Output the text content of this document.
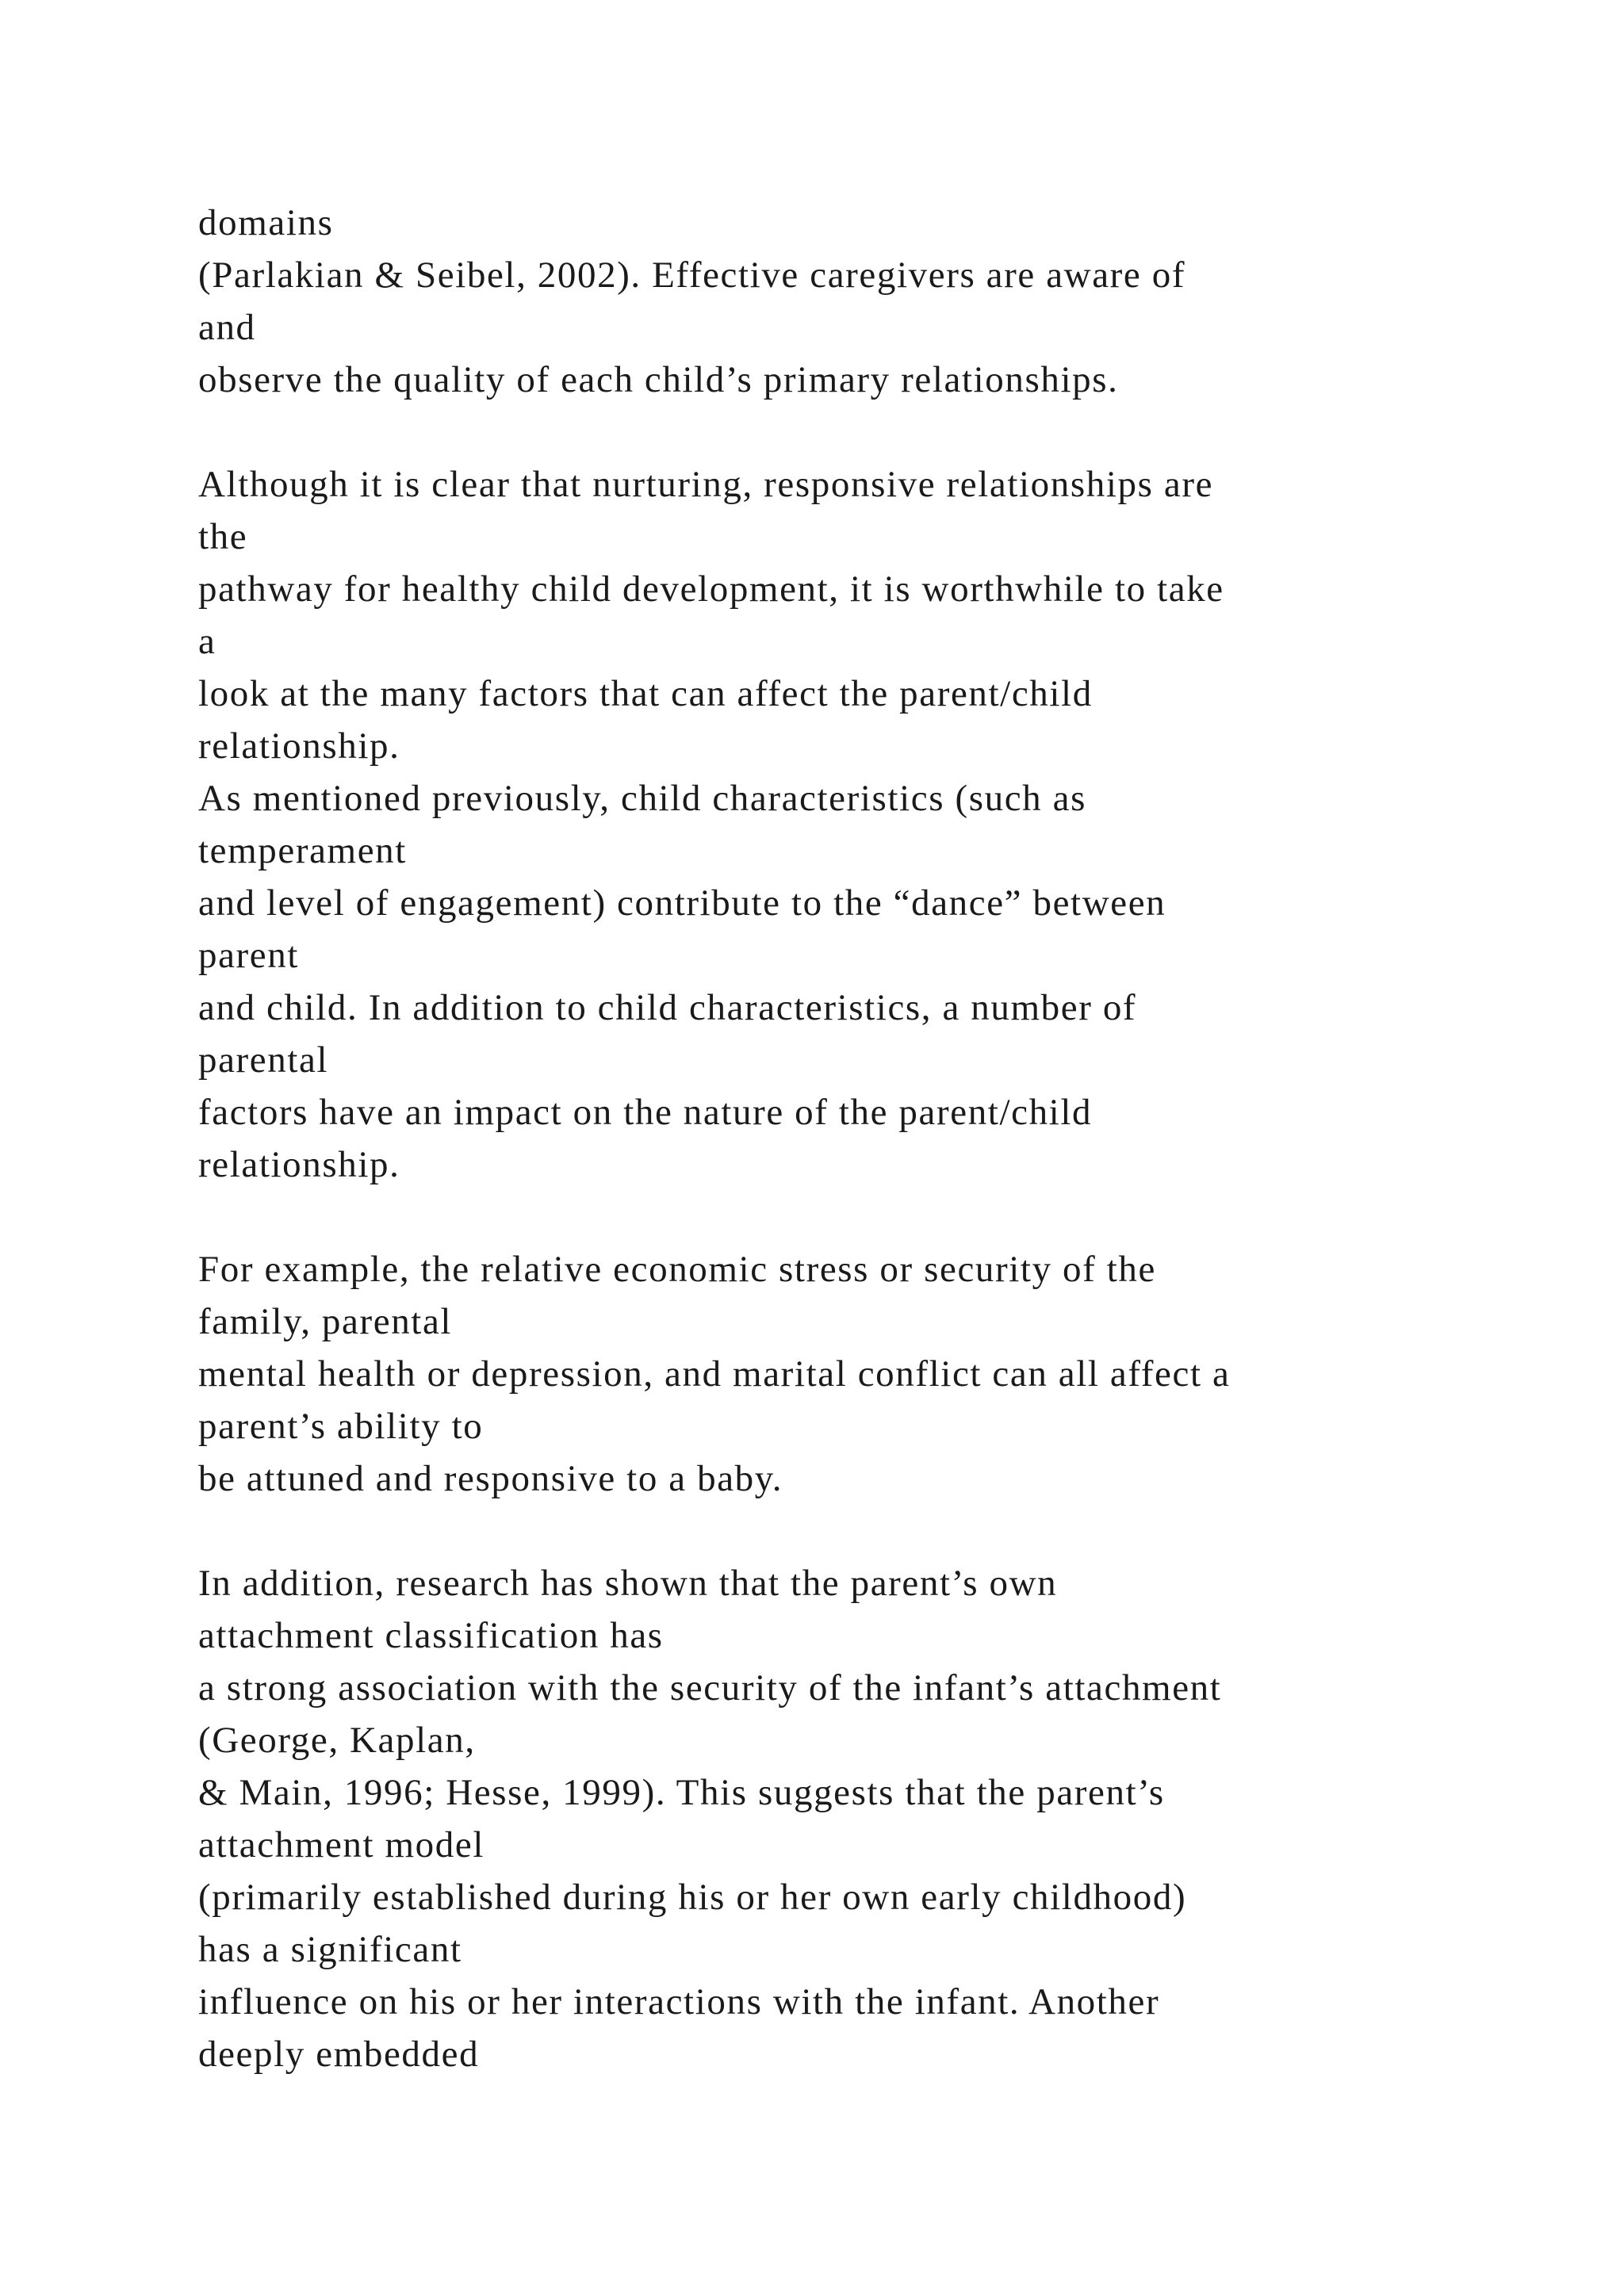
domains
(Parlakian & Seibel, 2002). Effective caregivers are aware of
and
observe the quality of each child’s primary relationships.
Although it is clear that nurturing, responsive relationships are
the
pathway for healthy child development, it is worthwhile to take
a
look at the many factors that can affect the parent/child
relationship.
As mentioned previously, child characteristics (such as
temperament
and level of engagement) contribute to the “dance” between
parent
and child. In addition to child characteristics, a number of
parental
factors have an impact on the nature of the parent/child
relationship.
For example, the relative economic stress or security of the
family, parental
mental health or depression, and marital conflict can all affect a
parent’s ability to
be attuned and responsive to a baby.
In addition, research has shown that the parent’s own
attachment classification has
a strong association with the security of the infant’s attachment
(George, Kaplan,
& Main, 1996; Hesse, 1999). This suggests that the parent’s
attachment model
(primarily established during his or her own early childhood)
has a significant
influence on his or her interactions with the infant. Another
deeply embedded
